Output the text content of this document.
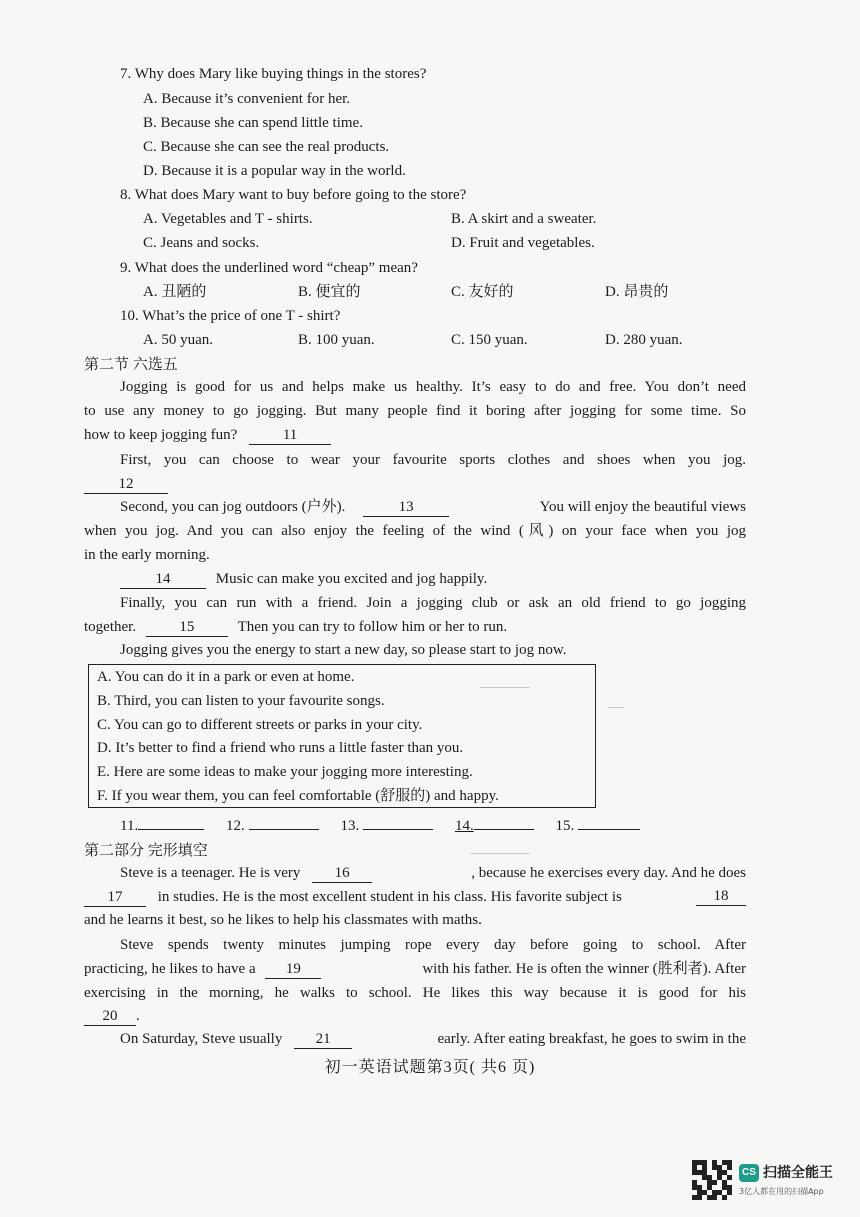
7. Why does Mary like buying things in the stores?
A. Because it’s convenient for her.
B. Because she can spend little time.
C. Because she can see the real products.
D. Because it is a popular way in the world.
8. What does Mary want to buy before going to the store?
A. Vegetables and T - shirts.	B. A skirt and a sweater.
C. Jeans and socks.	D. Fruit and vegetables.
9. What does the underlined word “cheap” mean?
A. 丑陋的	B. 便宜的	C. 友好的	D. 昂贵的
10. What’s the price of one T - shirt?
A. 50 yuan.	B. 100 yuan.	C. 150 yuan.	D. 280 yuan.
第二节 六选五
Jogging is good for us and helps make us healthy. It’s easy to do and free. You don’t need
to use any money to go jogging. But many people find it boring after jogging for some time. So
how to keep jogging fun?	11
First, you can choose to wear your favourite sports clothes and shoes when you jog.
12
Second, you can jog outdoors (户外).	13	You will enjoy the beautiful views
when you jog. And you can also enjoy the feeling of the wind (风) on your face when you jog
in the early morning.
14	Music can make you excited and jog happily.
Finally, you can run with a friend. Join a jogging club or ask an old friend to go jogging
together.	15	Then you can try to follow him or her to run.
Jogging gives you the energy to start a new day, so please start to jog now.
A. You can do it in a park or even at home.
B. Third, you can listen to your favourite songs.
C. You can go to different streets or parks in your city.
D. It’s better to find a friend who runs a little faster than you.
E. Here are some ideas to make your jogging more interesting.
F. If you wear them, you can feel comfortable (舒服的) and happy.
11.	12.	13.	14.	15.
第二部分 完形填空
Steve is a teenager. He is very 16	, because he exercises every day. And he does
17 in studies. He is the most excellent student in his class. His favorite subject is	18
and he learns it best, so he likes to help his classmates with maths.
Steve spends twenty minutes jumping rope every day before going to school. After
practicing, he likes to have a 19	with his father. He is often the winner (胜利者). After
exercising in the morning, he walks to school. He likes this way because it is good for his
20 .
On Saturday, Steve usually 21	early. After eating breakfast, he goes to swim in the
初一英语试题第3页( 共6 页)
CS 扫描全能王
3亿人都在用的扫描App
